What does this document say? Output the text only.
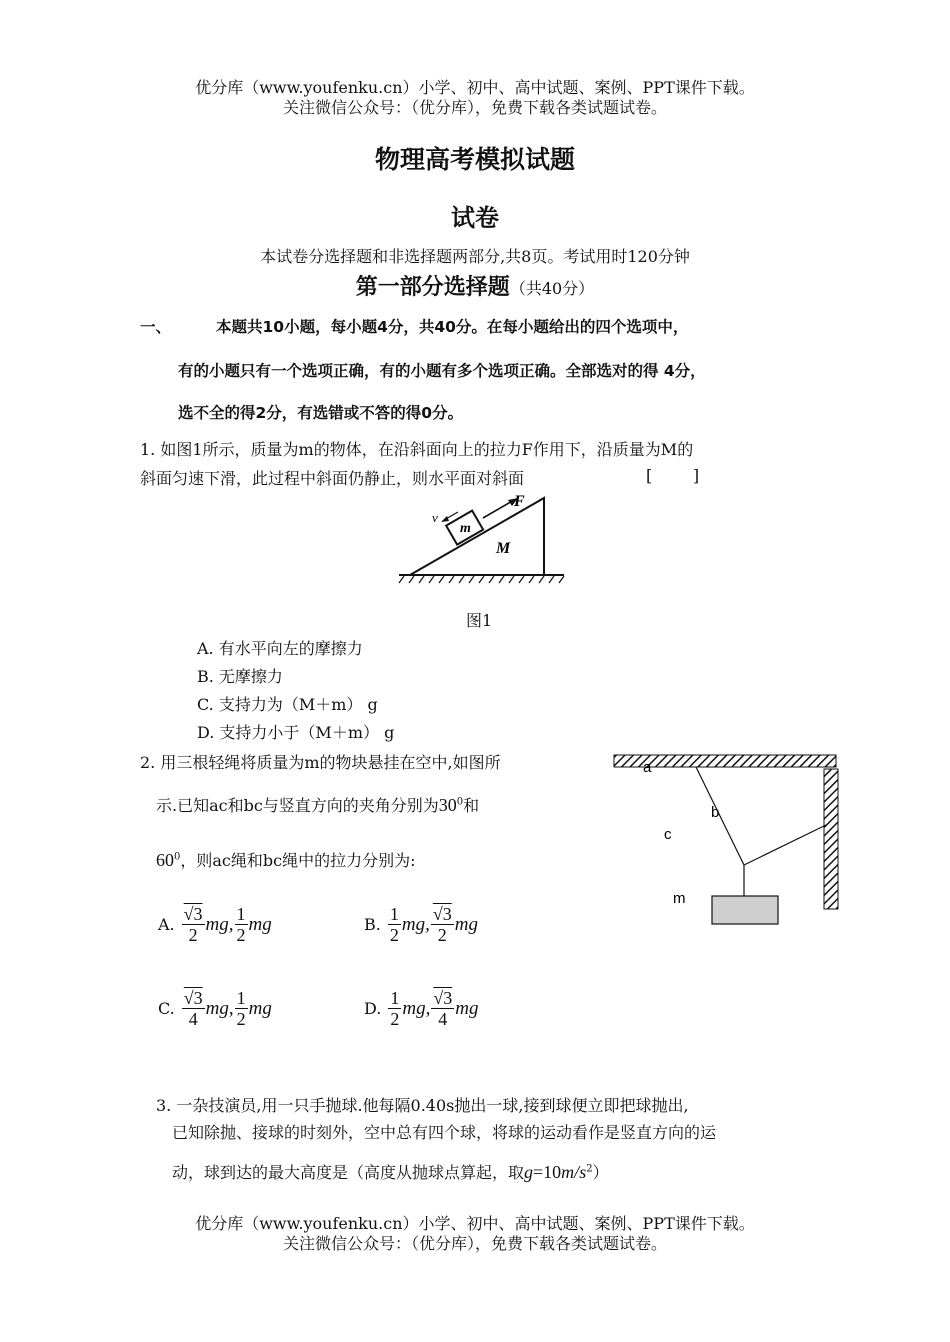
优分库（www.youfenku.cn）小学、初中、高中试题、案例、PPT课件下载。
关注微信公众号：（优分库），免费下载各类试题试卷。
物理高考模拟试题
试卷
本试卷分选择题和非选择题两部分,共8页。考试用时120分钟
第一部分选择题（共40分）
一、	本题共10小题，每小题4分，共40分。在每小题给出的四个选项中，
有的小题只有一个选项正确，有的小题有多个选项正确。全部选对的得 4分，
选不全的得2分，有选错或不答的得0分。
1. 如图1所示，质量为m的物体，在沿斜面向上的拉力F作用下，沿质量为M的
斜面匀速下滑，此过程中斜面仍静止，则水平面对斜面	[        ]
v
m
F
M
图1
A. 有水平向左的摩擦力
B. 无摩擦力
C. 支持力为（M＋m） g
D. 支持力小于（M＋m） g
2. 用三根轻绳将质量为m的物块悬挂在空中,如图所
示.已知ac和bc与竖直方向的夹角分别为$30^0$和
$60^0$，则ac绳和bc绳中的拉力分别为:
a
b
c
m
A. $\frac{√3}{2}$ mg , $\frac{1}{2}$ mg	B. $\frac{1}{2}$ mg , $\frac{√3}{2}$ mg
C. $\frac{√3}{4}$ mg , $\frac{1}{2}$ mg	D. $\frac{1}{2}$ mg , $\frac{√3}{4}$ mg
3. 一杂技演员,用一只手抛球.他每隔0.40s抛出一球,接到球便立即把球抛出,
已知除抛、接球的时刻外，空中总有四个球，将球的运动看作是竖直方向的运
动，球到达的最大高度是（高度从抛球点算起，取$g=10m/s^2$）
优分库（www.youfenku.cn）小学、初中、高中试题、案例、PPT课件下载。
关注微信公众号：（优分库），免费下载各类试题试卷。
